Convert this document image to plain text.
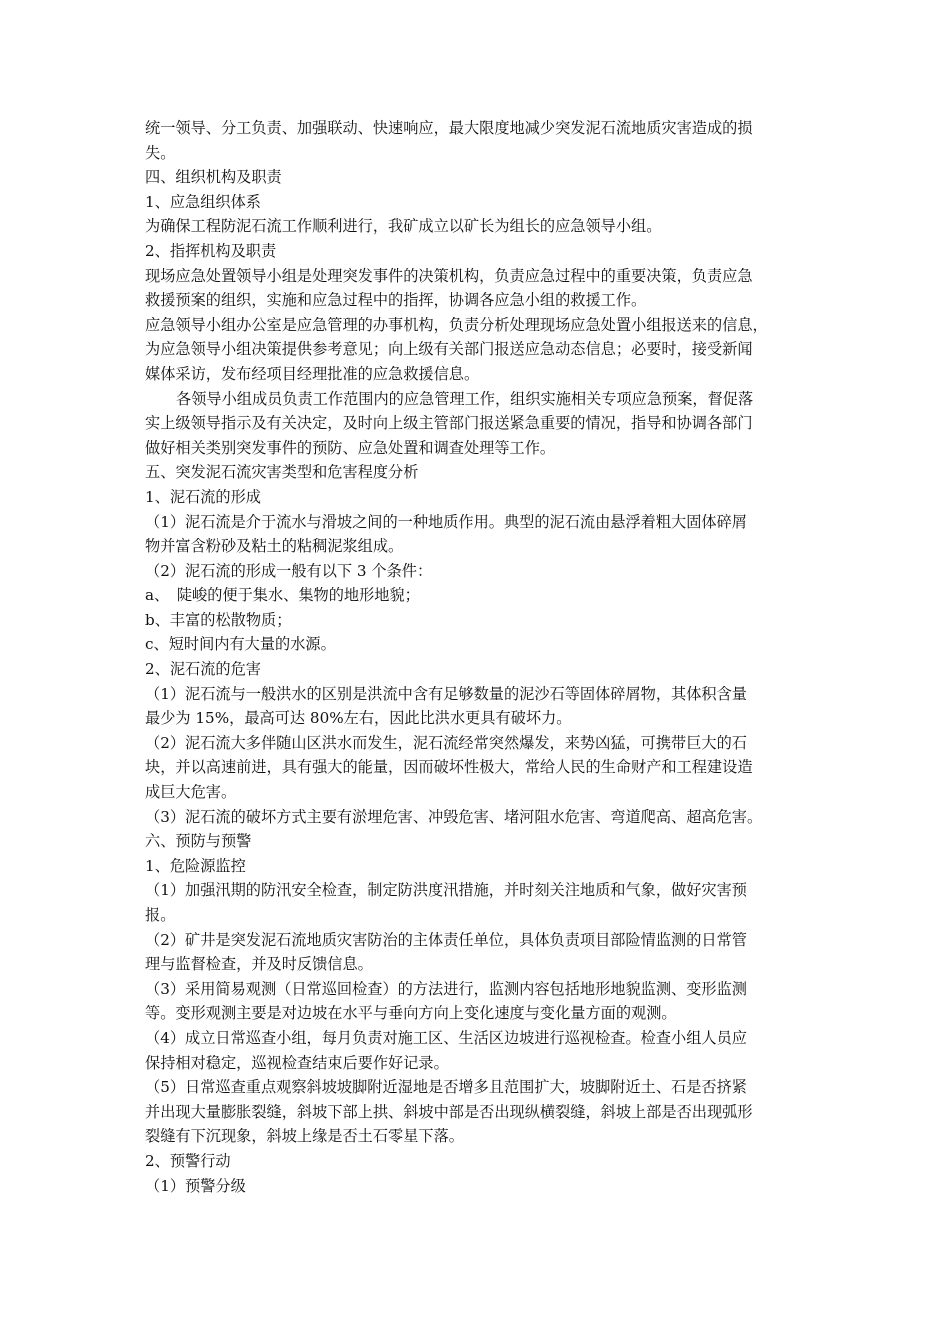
统一领导、分工负责、加强联动、快速响应，最大限度地减少突发泥石流地质灾害造成的损
失。
四、组织机构及职责
1、应急组织体系
为确保工程防泥石流工作顺利进行，我矿成立以矿长为组长的应急领导小组。
2、指挥机构及职责
现场应急处置领导小组是处理突发事件的决策机构，负责应急过程中的重要决策，负责应急
救援预案的组织，实施和应急过程中的指挥，协调各应急小组的救援工作。
应急领导小组办公室是应急管理的办事机构，负责分析处理现场应急处置小组报送来的信息，
为应急领导小组决策提供参考意见；向上级有关部门报送应急动态信息；必要时，接受新闻
媒体采访，发布经项目经理批准的应急救援信息。
各领导小组成员负责工作范围内的应急管理工作，组织实施相关专项应急预案，督促落
实上级领导指示及有关决定，及时向上级主管部门报送紧急重要的情况，指导和协调各部门
做好相关类别突发事件的预防、应急处置和调查处理等工作。
五、突发泥石流灾害类型和危害程度分析
1、泥石流的形成
（1）泥石流是介于流水与滑坡之间的一种地质作用。典型的泥石流由悬浮着粗大固体碎屑
物并富含粉砂及粘土的粘稠泥浆组成。
（2）泥石流的形成一般有以下 3 个条件：
a、　陡峻的便于集水、集物的地形地貌；
b、丰富的松散物质；
c、短时间内有大量的水源。
2、泥石流的危害
（1）泥石流与一般洪水的区别是洪流中含有足够数量的泥沙石等固体碎屑物，其体积含量
最少为 15%，最高可达 80%左右，因此比洪水更具有破坏力。
（2）泥石流大多伴随山区洪水而发生，泥石流经常突然爆发，来势凶猛，可携带巨大的石
块，并以高速前进，具有强大的能量，因而破坏性极大，常给人民的生命财产和工程建设造
成巨大危害。
（3）泥石流的破坏方式主要有淤埋危害、冲毁危害、堵河阻水危害、弯道爬高、超高危害。
六、预防与预警
1、危险源监控
（1）加强汛期的防汛安全检查，制定防洪度汛措施，并时刻关注地质和气象，做好灾害预
报。
（2）矿井是突发泥石流地质灾害防治的主体责任单位，具体负责项目部险情监测的日常管
理与监督检查，并及时反馈信息。
（3）采用简易观测（日常巡回检查）的方法进行，监测内容包括地形地貌监测、变形监测
等。变形观测主要是对边坡在水平与垂向方向上变化速度与变化量方面的观测。
（4）成立日常巡查小组，每月负责对施工区、生活区边坡进行巡视检查。检查小组人员应
保持相对稳定，巡视检查结束后要作好记录。
（5）日常巡查重点观察斜坡坡脚附近湿地是否增多且范围扩大，坡脚附近土、石是否挤紧
并出现大量膨胀裂缝，斜坡下部上拱、斜坡中部是否出现纵横裂缝，斜坡上部是否出现弧形
裂缝有下沉现象，斜坡上缘是否土石零星下落。
2、预警行动
（1）预警分级
